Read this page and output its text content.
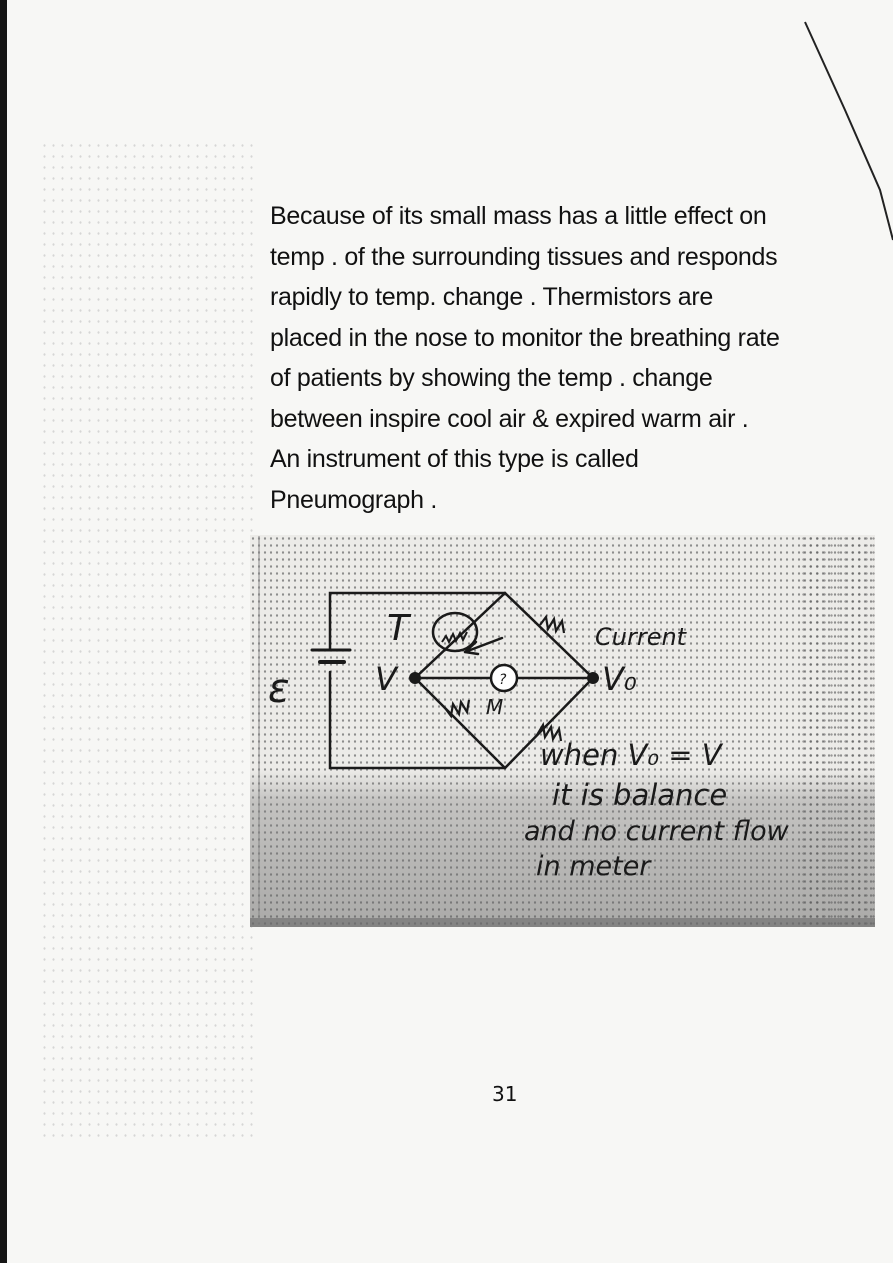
Because of its small mass has a little effect on
temp . of the surrounding tissues and responds
rapidly to temp. change . Thermistors are
placed in the nose to monitor the breathing rate
of patients by showing the temp . change
between inspire cool air & expired warm air .
An instrument of this type is called
Pneumograph .
?
T
ε	V	V₀
M
Current
when V₀ = V
it is balance
and no current flow
in meter
31
